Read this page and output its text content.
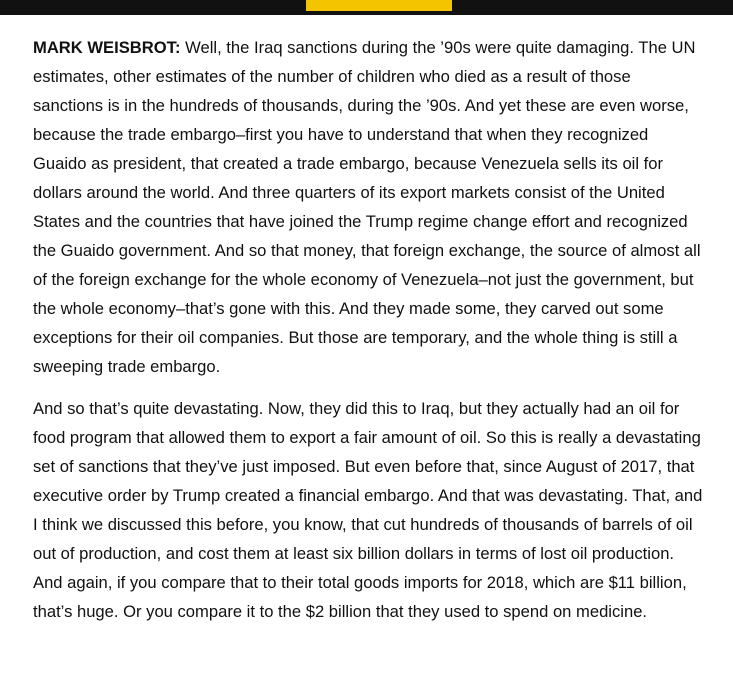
MARK WEISBROT: Well, the Iraq sanctions during the ’90s were quite damaging. The UN estimates, other estimates of the number of children who died as a result of those sanctions is in the hundreds of thousands, during the ’90s. And yet these are even worse, because the trade embargo–first you have to understand that when they recognized Guaido as president, that created a trade embargo, because Venezuela sells its oil for dollars around the world. And three quarters of its export markets consist of the United States and the countries that have joined the Trump regime change effort and recognized the Guaido government. And so that money, that foreign exchange, the source of almost all of the foreign exchange for the whole economy of Venezuela–not just the government, but the whole economy–that’s gone with this. And they made some, they carved out some exceptions for their oil companies. But those are temporary, and the whole thing is still a sweeping trade embargo.

And so that’s quite devastating. Now, they did this to Iraq, but they actually had an oil for food program that allowed them to export a fair amount of oil. So this is really a devastating set of sanctions that they’ve just imposed. But even before that, since August of 2017, that executive order by Trump created a financial embargo. And that was devastating. That, and I think we discussed this before, you know, that cut hundreds of thousands of barrels of oil out of production, and cost them at least six billion dollars in terms of lost oil production. And again, if you compare that to their total goods imports for 2018, which are $11 billion, that’s huge. Or you compare it to the $2 billion that they used to spend on medicine.
